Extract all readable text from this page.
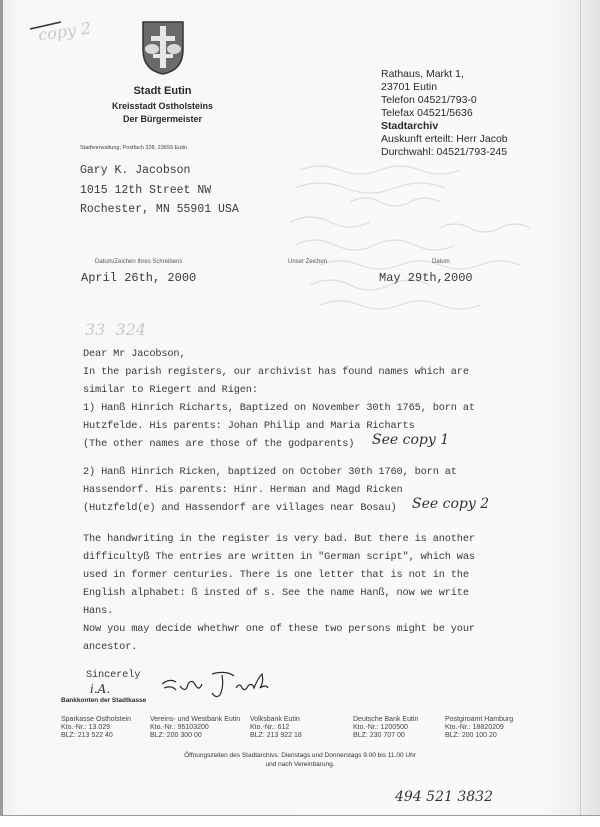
copy 2
Stadt Eutin
Kreisstadt Ostholsteins
Der Bürgermeister
Stadtverwaltung, Postfach 328, 23693 Eutin
Rathaus, Markt 1,
23701 Eutin
Telefon 04521/793-0
Telefax 04521/5636
Stadtarchiv
Auskunft erteilt: Herr Jacob
Durchwahl: 04521/793-245
Gary K. Jacobson
1015 12th Street NW
Rochester, MN 55901 USA
Datum/Zeichen Ihres Schreibens
April 26th, 2000
Unser Zeichen	Datum
May 29th,2000
33  324
Dear Mr Jacobson,
In the parish registers, our archivist has found names which are
similar to Riegert and Rigen:
1) Hanß Hinrich Richarts, Baptized on November 30th 1765, born at
Hutzfelde. His parents: Johan Philip and Maria Richarts
(The other names are those of the godparents) See copy 1
2) Hanß Hinrich Ricken, baptized on October 30th 1760, born at
Hassendorf. His parents: Hinr. Herman and Magd Ricken
(Hutzfeld(e) and Hassendorf are villages near Bosau) See copy 2
The handwriting in the register is very bad. But there is another
difficultyß The entries are written in "German script", which was
used in former centuries. There is one letter that is not in the
English alphabet: ß insted of s. See the name Hanß, now we write
Hans.
Now you may decide whethwr one of these two persons might be your
ancestor.
Sincerely
i.A.
Bankkonten der Stadtkasse
Sparkasse Ostholstein
Kto.-Nr.: 13.029
BLZ: 213 522 40
Vereins- und Westbank Eutin
Kto.-Nr.: 95103200
BLZ: 200 300 00
Volksbank Eutin
Kto.-Nr.: 612
BLZ: 213 922 18
Deutsche Bank Eutin
Kto.-Nr.: 1200500
BLZ: 230 707 00
Postgiroamt Hamburg
Kto.-Nr.: 18820209
BLZ: 200 100 20
Öffnungszeiten des Stadtarchivs: Dienstags und Donnerstags 9.00 bis 11.00 Uhr
und nach Vereinbarung.
494 521 3832
